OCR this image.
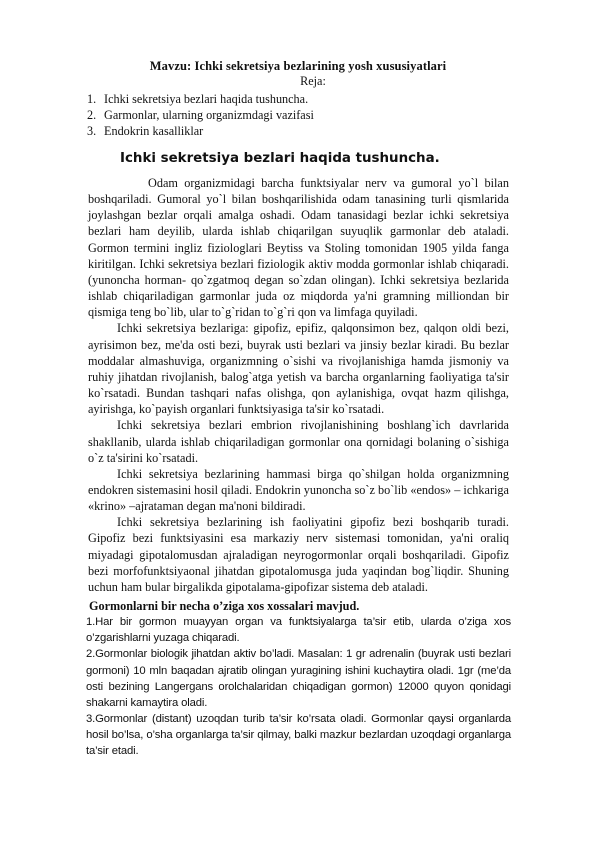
Mavzu: Ichki sekretsiya bezlarining yosh xususiyatlari
Reja:
1. Ichki sekretsiya bezlari haqida tushuncha.
2. Garmonlar, ularning organizmdagi vazifasi
3. Endokrin kasalliklar
Ichki sekretsiya bezlari haqida tushuncha.

Odam organizmidagi barcha funktsiyalar nerv va gumoral yo`l bilan boshqariladi. Gumoral yo`l bilan boshqarilishida odam tanasining turli qismlarida joylashgan bezlar orqali amalga oshadi. Odam tanasidagi bezlar ichki sekretsiya bezlari ham deyilib, ularda ishlab chiqarilgan suyuqlik garmonlar deb ataladi. Gormon termini ingliz fiziologlari Beytiss va Stoling tomonidan 1905 yilda fanga kiritilgan. Ichki sekretsiya bezlari fiziologik aktiv modda gormonlar ishlab chiqaradi. (yunoncha horman- qo`zgatmoq degan so`zdan olingan). Ichki sekretsiya bezlarida ishlab chiqariladigan garmonlar juda oz miqdorda ya'ni gramning milliondan bir qismiga teng bo`lib, ular to`g`ridan to`g`ri qon va limfaga quyiladi.

Ichki sekretsiya bezlariga: gipofiz, epifiz, qalqonsimon bez, qalqon oldi bezi, ayrisimon bez, me'da osti bezi, buyrak usti bezlari va jinsiy bezlar kiradi. Bu bezlar moddalar almashuviga, organizmning o`sishi va rivojlanishiga hamda jismoniy va ruhiy jihatdan rivojlanish, balog`atga yetish va barcha organlarning faoliyatiga ta'sir ko`rsatadi. Bundan tashqari nafas olishga, qon aylanishiga, ovqat hazm qilishga, ayirishga, ko`payish organlari funktsiyasiga ta'sir ko`rsatadi.

Ichki sekretsiya bezlari embrion rivojlanishining boshlang`ich davrlarida shakllanib, ularda ishlab chiqariladigan gormonlar ona qornidagi bolaning o`sishiga o`z ta'sirini ko`rsatadi.

Ichki sekretsiya bezlarining hammasi birga qo`shilgan holda organizmning endokren sistemasini hosil qiladi. Endokrin yunoncha so`z bo`lib «endos» – ichkariga «krino» –ajrataman degan ma'noni bildiradi.

Ichki sekretsiya bezlarining ish faoliyatini gipofiz bezi boshqarib turadi. Gipofiz bezi funktsiyasini esa markaziy nerv sistemasi tomonidan, ya'ni oraliq miyadagi gipotalomusdan ajraladigan neyrogormonlar orqali boshqariladi. Gipofiz bezi morfofunktsiyaonal jihatdan gipotalomusga juda yaqindan bog`liqdir. Shuning uchun ham bular birgalikda gipotalama-gipofizar sistema deb ataladi.

Gormonlarni bir necha o’ziga xos xossalari mavjud.

1.Har bir gormon muayyan organ va funktsiyalarga ta’sir etib, ularda o’ziga xos o’zgarishlarni yuzaga chiqaradi.

2.Gormonlar biologik jihatdan aktiv bo’ladi. Masalan: 1 gr adrenalin (buyrak usti bezlari gormoni) 10 mln baqadan ajratib olingan yuragining ishini kuchaytira oladi. 1gr (me’da osti bezining Langergans orolchalaridan chiqadigan gormon) 12000 quyon qonidagi shakarni kamaytira oladi.

3.Gormonlar (distant) uzoqdan turib ta’sir ko’rsata oladi. Gormonlar qaysi organlarda hosil bo’lsa, o’sha organlarga ta’sir qilmay, balki mazkur bezlardan uzoqdagi organlarga ta’sir etadi.
